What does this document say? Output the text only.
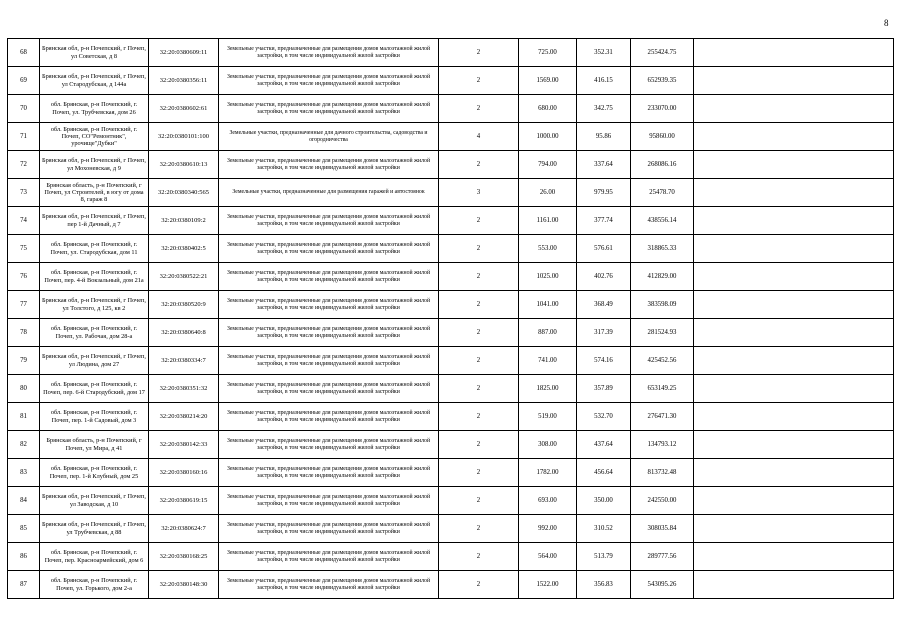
8
68	Брянская обл, р-н Почепский, г Почеп, ул Советская, д 8	32:20:0380609:11	Земельные участки, предназначенные для размещения домов малоэтажной жилой застройки, в том числе индивидуальной жилой застройки	2	725.00	352.31	255424.75	
69	Брянская обл, р-н Почепский, г Почеп, ул Стародубская, д 144а	32:20:0380356:11	Земельные участки, предназначенные для размещения домов малоэтажной жилой застройки, в том числе индивидуальной жилой застройки	2	1569.00	416.15	652939.35	
70	обл. Брянская, р-н Почепский, г. Почеп, ул. Трубчевская, дом 26	32:20:0380602:61	Земельные участки, предназначенные для размещения домов малоэтажной жилой застройки, в том числе индивидуальной жилой застройки	2	680.00	342.75	233070.00	
71	обл. Брянская, р-н Почепский, г. Почеп, СО"Ремонтник", урочище"Дубки"	32:20:0380101:100	Земельные участки, предназначенные для дачного строительства, садоводства и огородничества	4	1000.00	95.86	95860.00	
72	Брянская обл, р-н Почепский, г Почеп, ул Мохоневская, д 9	32:20:0380610:13	Земельные участки, предназначенные для размещения домов малоэтажной жилой застройки, в том числе индивидуальной жилой застройки	2	794.00	337.64	268086.16	
73	Брянская область, р-н Почепский, г Почеп, ул Строителей, в югу от дома 8, гараж 8	32:20:0380340:565	Земельные участки, предназначенные для размещения гаражей и автостоянок	3	26.00	979.95	25478.70	
74	Брянская обл, р-н Почепский, г Почеп, пер 1-й Дачный, д 7	32:20:0380109:2	Земельные участки, предназначенные для размещения домов малоэтажной жилой застройки, в том числе индивидуальной жилой застройки	2	1161.00	377.74	438556.14	
75	обл. Брянская, р-н Почепский, г. Почеп, ул. Стародубская, дом 11	32:20:0380402:5	Земельные участки, предназначенные для размещения домов малоэтажной жилой застройки, в том числе индивидуальной жилой застройки	2	553.00	576.61	318865.33	
76	обл. Брянская, р-н Почепский, г. Почеп, пер. 4-й Вокзальный, дом 21а	32:20:0380522:21	Земельные участки, предназначенные для размещения домов малоэтажной жилой застройки, в том числе индивидуальной жилой застройки	2	1025.00	402.76	412829.00	
77	Брянская обл, р-н Почепский, г Почеп, ул Толстого, д 125, кв 2	32:20:0380520:9	Земельные участки, предназначенные для размещения домов малоэтажной жилой застройки, в том числе индивидуальной жилой застройки	2	1041.00	368.49	383598.09	
78	обл. Брянская, р-н Почепский, г. Почеп, ул. Рабочая, дом 28-а	32:20:0380640:8	Земельные участки, предназначенные для размещения домов малоэтажной жилой застройки, в том числе индивидуальной жилой застройки	2	887.00	317.39	281524.93	
79	Брянская обл, р-н Почепский, г Почеп, ул Людина, дом 27	32:20:0380334:7	Земельные участки, предназначенные для размещения домов малоэтажной жилой застройки, в том числе индивидуальной жилой застройки	2	741.00	574.16	425452.56	
80	обл. Брянская, р-н Почепский, г. Почеп, пер. 6-й Стародубский, дом 17	32:20:0380351:32	Земельные участки, предназначенные для размещения домов малоэтажной жилой застройки, в том числе индивидуальной жилой застройки	2	1825.00	357.89	653149.25	
81	обл. Брянская, р-н Почепский, г. Почеп, пер. 1-й Садовый, дом 3	32:20:0380214:20	Земельные участки, предназначенные для размещения домов малоэтажной жилой застройки, в том числе индивидуальной жилой застройки	2	519.00	532.70	276471.30	
82	Брянская область, р-н Почепский, г Почеп, ул Мира, д 41	32:20:0380142:33	Земельные участки, предназначенные для размещения домов малоэтажной жилой застройки, в том числе индивидуальной жилой застройки	2	308.00	437.64	134793.12	
83	обл. Брянская, р-н Почепский, г. Почеп, пер. 1-й Клубный, дом 25	32:20:0380160:16	Земельные участки, предназначенные для размещения домов малоэтажной жилой застройки, в том числе индивидуальной жилой застройки	2	1782.00	456.64	813732.48	
84	Брянская обл, р-н Почепский, г Почеп, ул Заводская, д 10	32:20:0380619:15	Земельные участки, предназначенные для размещения домов малоэтажной жилой застройки, в том числе индивидуальной жилой застройки	2	693.00	350.00	242550.00	
85	Брянская обл, р-н Почепский, г Почеп, ул Трубчевская, д 88	32:20:0380624:7	Земельные участки, предназначенные для размещения домов малоэтажной жилой застройки, в том числе индивидуальной жилой застройки	2	992.00	310.52	308035.84	
86	обл. Брянская, р-н Почепский, г. Почеп, пер. Красноармейский, дом 6	32:20:0380168:25	Земельные участки, предназначенные для размещения домов малоэтажной жилой застройки, в том числе индивидуальной жилой застройки	2	564.00	513.79	289777.56	
87	обл. Брянская, р-н Почепский, г. Почеп, ул. Горького, дом 2-а	32:20:0380148:30	Земельные участки, предназначенные для размещения домов малоэтажной жилой застройки, в том числе индивидуальной жилой застройки	2	1522.00	356.83	543095.26	
